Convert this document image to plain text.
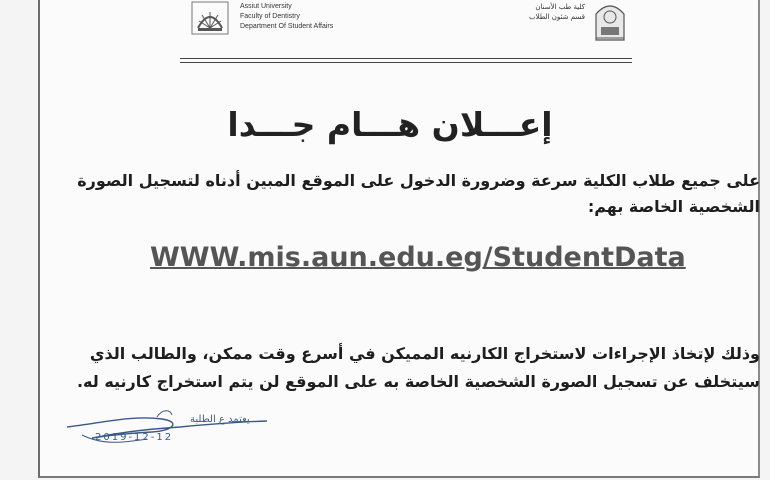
Assiut University
Faculty of Dentistry
Department Of Student Affairs
كلية طب الأسنان
قسم شئون الطلاب
إعـــلان هـــام جـــدا
على جميع طلاب الكلية سرعة وضرورة الدخول على الموقع المبين أدناه لتسجيل الصورة الشخصية الخاصة بهم:
WWW.mis.aun.edu.eg/StudentData
وذلك لإتخاذ الإجراءات لاستخراج الكارنيه المميكن في أسرع وقت ممكن، والطالب الذي سيتخلف عن تسجيل الصورة الشخصية الخاصة به على الموقع لن يتم استخراج كارنيه له.
يعتمد ع الطلبة
2019-12-12
